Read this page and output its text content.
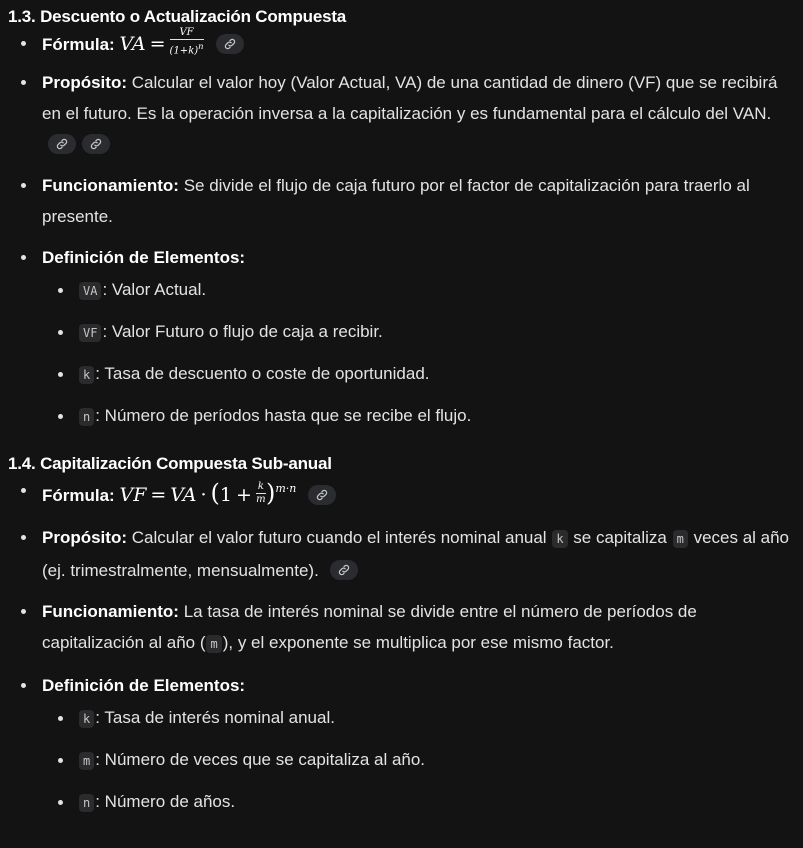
1.3. Descuento o Actualización Compuesta
Fórmula: VA = $\frac{VF}{(1+k)^n}$

Propósito: Calcular el valor hoy (Valor Actual, VA) de una cantidad de dinero (VF) que se recibirá en el futuro. Es la operación inversa a la capitalización y es fundamental para el cálculo del VAN.
Funcionamiento: Se divide el flujo de caja futuro por el factor de capitalización para traerlo al presente.
Definición de Elementos:
VA : Valor Actual.
VF : Valor Futuro o flujo de caja a recibir.
k : Tasa de descuento o coste de oportunidad.
n : Número de períodos hasta que se recibe el flujo.
1.4. Capitalización Compuesta Sub-anual
Fórmula: VF = VA · $(1 + \frac{k}{m} )^{m\cdot n}$
Propósito: Calcular el valor futuro cuando el interés nominal anual k se capitaliza m veces al año (ej. trimestralmente, mensualmente).
Funcionamiento: La tasa de interés nominal se divide entre el número de períodos de capitalización al año ( m ), y el exponente se multiplica por ese mismo factor.
Definición de Elementos:
k : Tasa de interés nominal anual.
m : Número de veces que se capitaliza al año.
n : Número de años.
